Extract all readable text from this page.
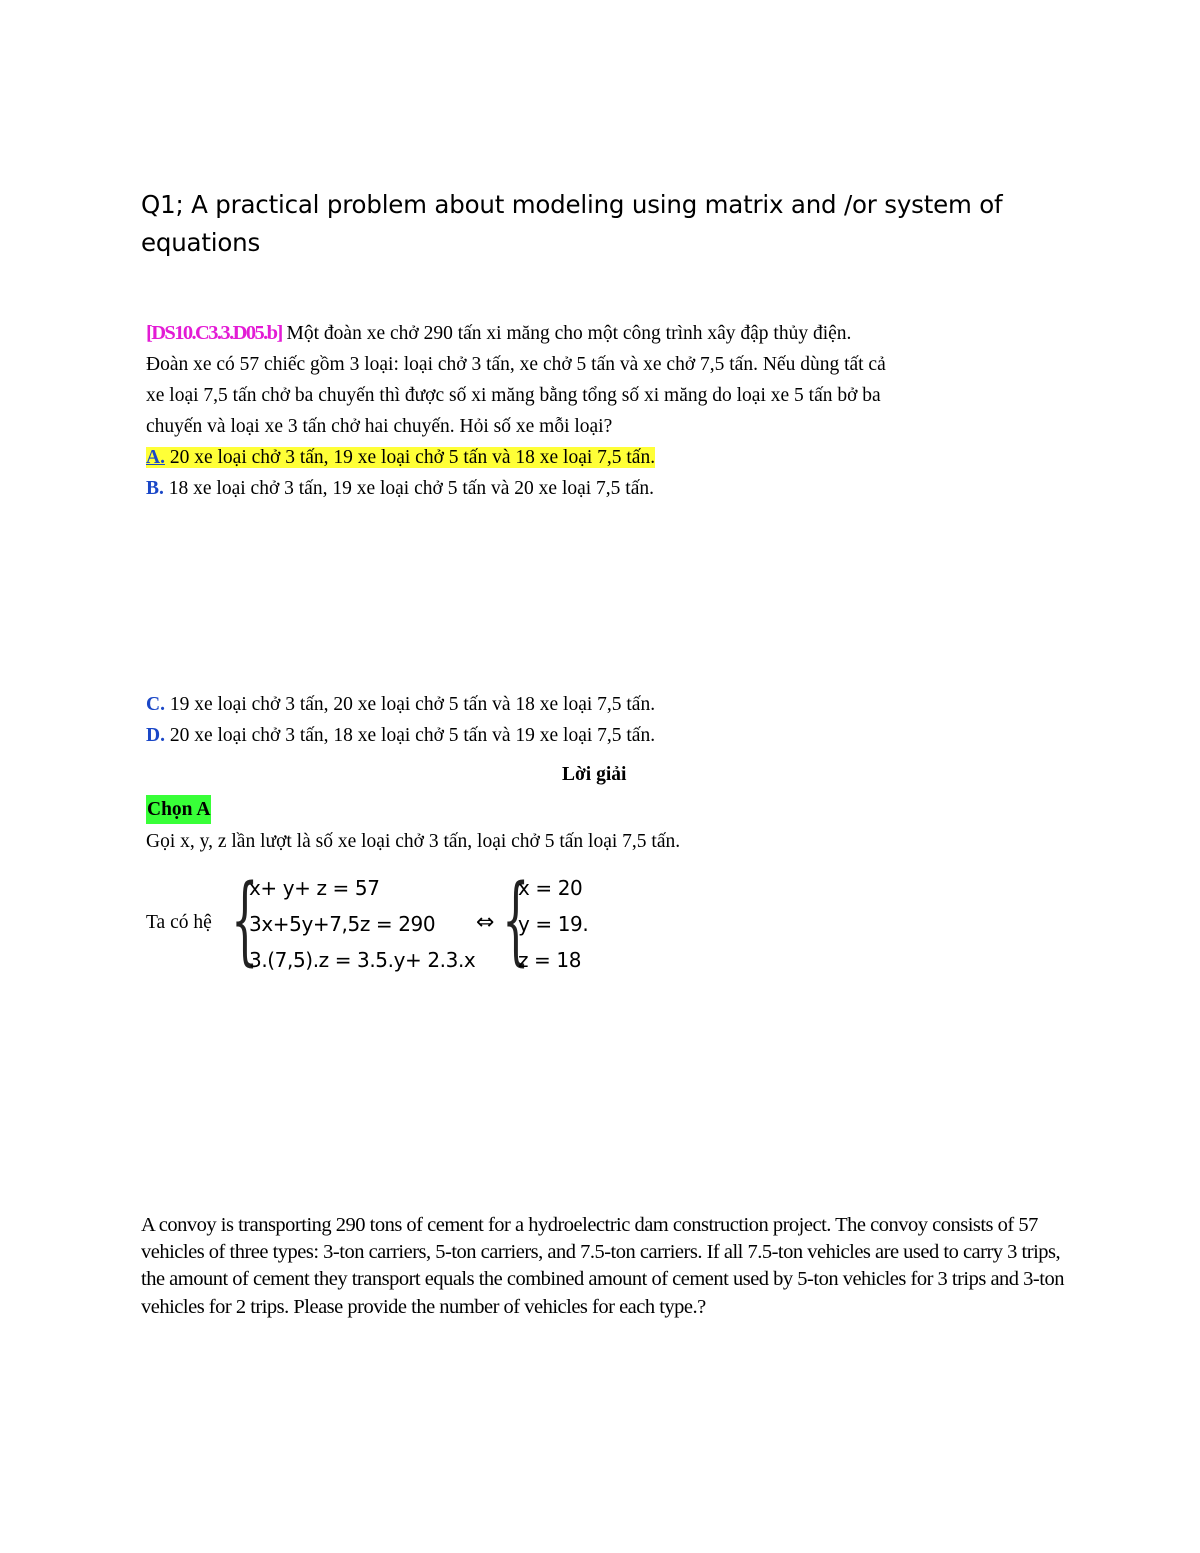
Q1; A practical problem about modeling using matrix and /or system of equations
[DS10.C3.3.D05.b] Một đoàn xe chở 290 tấn xi măng cho một công trình xây đập thủy điện.
Đoàn xe có 57 chiếc gồm 3 loại: loại chở 3 tấn, xe chở 5 tấn và xe chở 7,5 tấn. Nếu dùng tất cả
xe loại 7,5 tấn chở ba chuyến thì được số xi măng bằng tổng số xi măng do loại xe 5 tấn bở ba
chuyến và loại xe 3 tấn chở hai chuyến. Hỏi số xe mỗi loại?
A. 20 xe loại chở 3 tấn, 19 xe loại chở 5 tấn và 18 xe loại 7,5 tấn.
B. 18 xe loại chở 3 tấn, 19 xe loại chở 5 tấn và 20 xe loại 7,5 tấn.
C. 19 xe loại chở 3 tấn, 20 xe loại chở 5 tấn và 18 xe loại 7,5 tấn.
D. 20 xe loại chở 3 tấn, 18 xe loại chở 5 tấn và 19 xe loại 7,5 tấn.
Lời giải
Chọn A
Gọi x, y, z lần lượt là số xe loại chở 3 tấn, loại chở 5 tấn loại 7,5 tấn.
Ta có hệ {
x+ y+ z = 57
3x+5y+7,5z = 290
3.(7,5).z = 3.5.y+ 2.3.x
⇔ {
x = 20
y = 19.
z = 18
A convoy is transporting 290 tons of cement for a hydroelectric dam construction project. The convoy consists of 57 vehicles of three types: 3-ton carriers, 5-ton carriers, and 7.5-ton carriers. If all 7.5-ton vehicles are used to carry 3 trips, the amount of cement they transport equals the combined amount of cement used by 5-ton vehicles for 3 trips and 3-ton vehicles for 2 trips. Please provide the number of vehicles for each type.?
